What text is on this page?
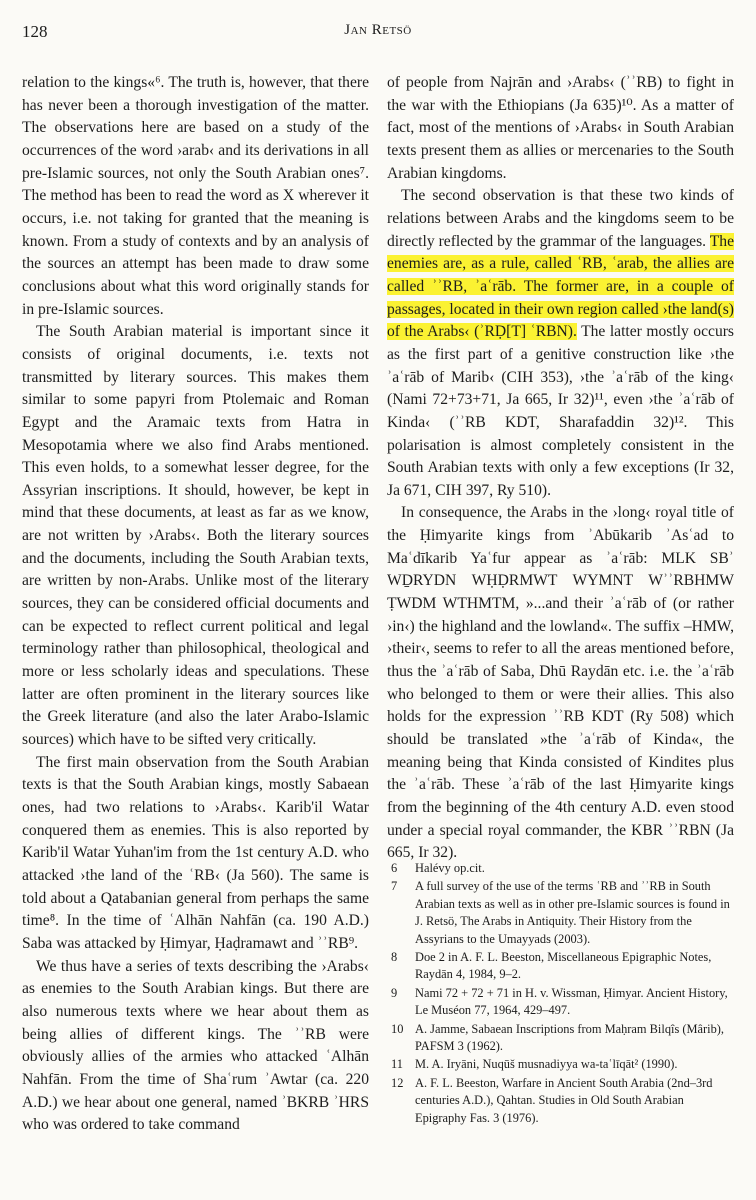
128	Jan Retsö

relation to the kings«⁶. The truth is, however, that there has never been a thorough investigation of the matter. The observations here are based on a study of the occurrences of the word ›arab‹ and its derivations in all pre-Islamic sources, not only the South Arabian ones⁷. The method has been to read the word as X wherever it occurs, i.e. not taking for granted that the meaning is known. From a study of contexts and by an analysis of the sources an attempt has been made to draw some conclusions about what this word originally stands for in pre-Islamic sources.

The South Arabian material is important since it consists of original documents, i.e. texts not transmitted by literary sources. This makes them similar to some papyri from Ptolemaic and Roman Egypt and the Aramaic texts from Hatra in Mesopotamia where we also find Arabs mentioned. This even holds, to a somewhat lesser degree, for the Assyrian inscriptions. It should, however, be kept in mind that these documents, at least as far as we know, are not written by ›Arabs‹. Both the literary sources and the documents, including the South Arabian texts, are written by non-Arabs. Unlike most of the literary sources, they can be considered official documents and can be expected to reflect current political and legal terminology rather than philosophical, theological and more or less scholarly ideas and speculations. These latter are often prominent in the literary sources like the Greek literature (and also the later Arabo-Islamic sources) which have to be sifted very critically.

The first main observation from the South Arabian texts is that the South Arabian kings, mostly Sabaean ones, had two relations to ›Arabs‹. Karib'il Watar conquered them as enemies. This is also reported by Karib'il Watar Yuhan'im from the 1st century A.D. who attacked ›the land of the ʿRB‹ (Ja 560). The same is told about a Qatabanian general from perhaps the same time⁸. In the time of ʿAlhān Nahfān (ca. 190 A.D.) Saba was attacked by Ḥimyar, Ḥaḍramawt and ʾʾRB⁹.

We thus have a series of texts describing the ›Arabs‹ as enemies to the South Arabian kings. But there are also numerous texts where we hear about them as being allies of different kings. The ʾʾRB were obviously allies of the armies who attacked ʿAlhān Nahfān. From the time of Shaʿrum ʾAwtar (ca. 220 A.D.) we hear about one general, named ʾBKRB ʾHRS who was ordered to take command

of people from Najrān and ›Arabs‹ (ʾʾRB) to fight in the war with the Ethiopians (Ja 635)¹⁰. As a matter of fact, most of the mentions of ›Arabs‹ in South Arabian texts present them as allies or mercenaries to the South Arabian kingdoms.

The second observation is that these two kinds of relations between Arabs and the kingdoms seem to be directly reflected by the grammar of the languages. The enemies are, as a rule, called ʿRB, ʿarab, the allies are called ʾʾRB, ʾaʿrāb. The former are, in a couple of passages, located in their own region called ›the land(s) of the Arabs‹ (ʾRḌ[T] ʿRBN). The latter mostly occurs as the first part of a genitive construction like ›the ʾaʿrāb of Marib‹ (CIH 353), ›the ʾaʿrāb of the king‹ (Nami 72+73+71, Ja 665, Ir 32)¹¹, even ›the ʾaʿrāb of Kinda‹ (ʾʾRB KDT, Sharafaddin 32)¹². This polarisation is almost completely consistent in the South Arabian texts with only a few exceptions (Ir 32, Ja 671, CIH 397, Ry 510).

In consequence, the Arabs in the ›long‹ royal title of the Ḥimyarite kings from ʾAbūkarib ʾAsʿad to Maʿdīkarib Yaʿfur appear as ʾaʿrāb: MLK SBʾ WḎRYDN WḤḌRMWT WYMNT WʾʾRBHMW ṬWDM WTHMTM, »...and their ʾaʿrāb of (or rather ›in‹) the highland and the lowland«. The suffix –HMW, ›their‹, seems to refer to all the areas mentioned before, thus the ʾaʿrāb of Saba, Dhū Raydān etc. i.e. the ʾaʿrāb who belonged to them or were their allies. This also holds for the expression ʾʾRB KDT (Ry 508) which should be translated »the ʾaʿrāb of Kinda«, the meaning being that Kinda consisted of Kindites plus the ʾaʿrāb. These ʾaʿrāb of the last Ḥimyarite kings from the beginning of the 4th century A.D. even stood under a special royal commander, the KBR ʾʾRBN (Ja 665, Ir 32).

6	Halévy op.cit.
7	A full survey of the use of the terms ʿRB and ʾʾRB in South Arabian texts as well as in other pre-Islamic sources is found in J. Retsö, The Arabs in Antiquity. Their History from the Assyrians to the Umayyads (2003).
8	Doe 2 in A. F. L. Beeston, Miscellaneous Epigraphic Notes, Raydān 4, 1984, 9–2.
9	Nami 72 + 72 + 71 in H. v. Wissman, Ḥimyar. Ancient History, Le Muséon 77, 1964, 429–497.
10 A. Jamme, Sabaean Inscriptions from Maḥram Bilqîs (Mârib), PAFSM 3 (1962).
11 M. A. Iryāni, Nuqūš musnadiyya wa-taʿlīqāt² (1990).
12 A. F. L. Beeston, Warfare in Ancient South Arabia (2nd–3rd centuries A.D.), Qahtan. Studies in Old South Arabian Epigraphy Fas. 3 (1976).
